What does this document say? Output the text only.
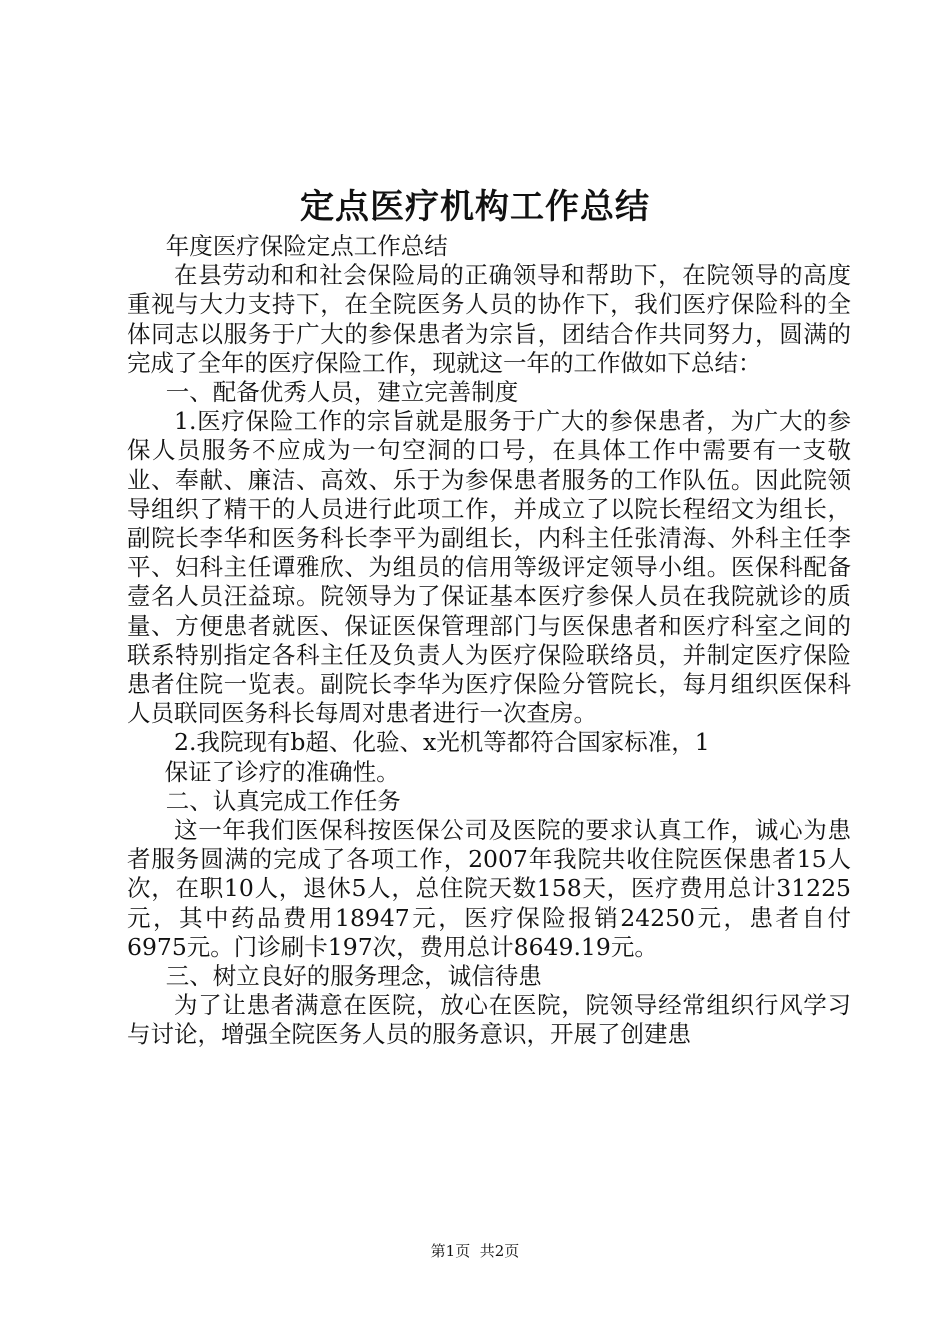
定点医疗机构工作总结

年度医疗保险定点工作总结

在县劳动和和社会保险局的正确领导和帮助下，在院领导的高度重视与大力支持下，在全院医务人员的协作下，我们医疗保险科的全体同志以服务于广大的参保患者为宗旨，团结合作共同努力，圆满的完成了全年的医疗保险工作，现就这一年的工作做如下总结：

一、配备优秀人员，建立完善制度

1.医疗保险工作的宗旨就是服务于广大的参保患者，为广大的参保人员服务不应成为一句空洞的口号，在具体工作中需要有一支敬业、奉献、廉洁、高效、乐于为参保患者服务的工作队伍。因此院领导组织了精干的人员进行此项工作，并成立了以院长程绍文为组长，副院长李华和医务科长李平为副组长，内科主任张清海、外科主任李平、妇科主任谭雅欣、为组员的信用等级评定领导小组。医保科配备壹名人员汪益琼。院领导为了保证基本医疗参保人员在我院就诊的质量、方便患者就医、保证医保管理部门与医保患者和医疗科室之间的联系特别指定各科主任及负责人为医疗保险联络员，并制定医疗保险患者住院一览表。副院长李华为医疗保险分管院长，每月组织医保科人员联同医务科长每周对患者进行一次查房。

2.我院现有b超、化验、x光机等都符合国家标准，1

保证了诊疗的准确性。

二、认真完成工作任务

这一年我们医保科按医保公司及医院的要求认真工作，诚心为患者服务圆满的完成了各项工作，2007年我院共收住院医保患者15人次，在职10人，退休5人，总住院天数158天，医疗费用总计31225元，其中药品费用18947元，医疗保险报销24250元，患者自付6975元。门诊刷卡197次，费用总计8649.19元。

三、树立良好的服务理念，诚信待患

为了让患者满意在医院，放心在医院，院领导经常组织行风学习与讨论，增强全院医务人员的服务意识，开展了创建患

第1页 共2页
